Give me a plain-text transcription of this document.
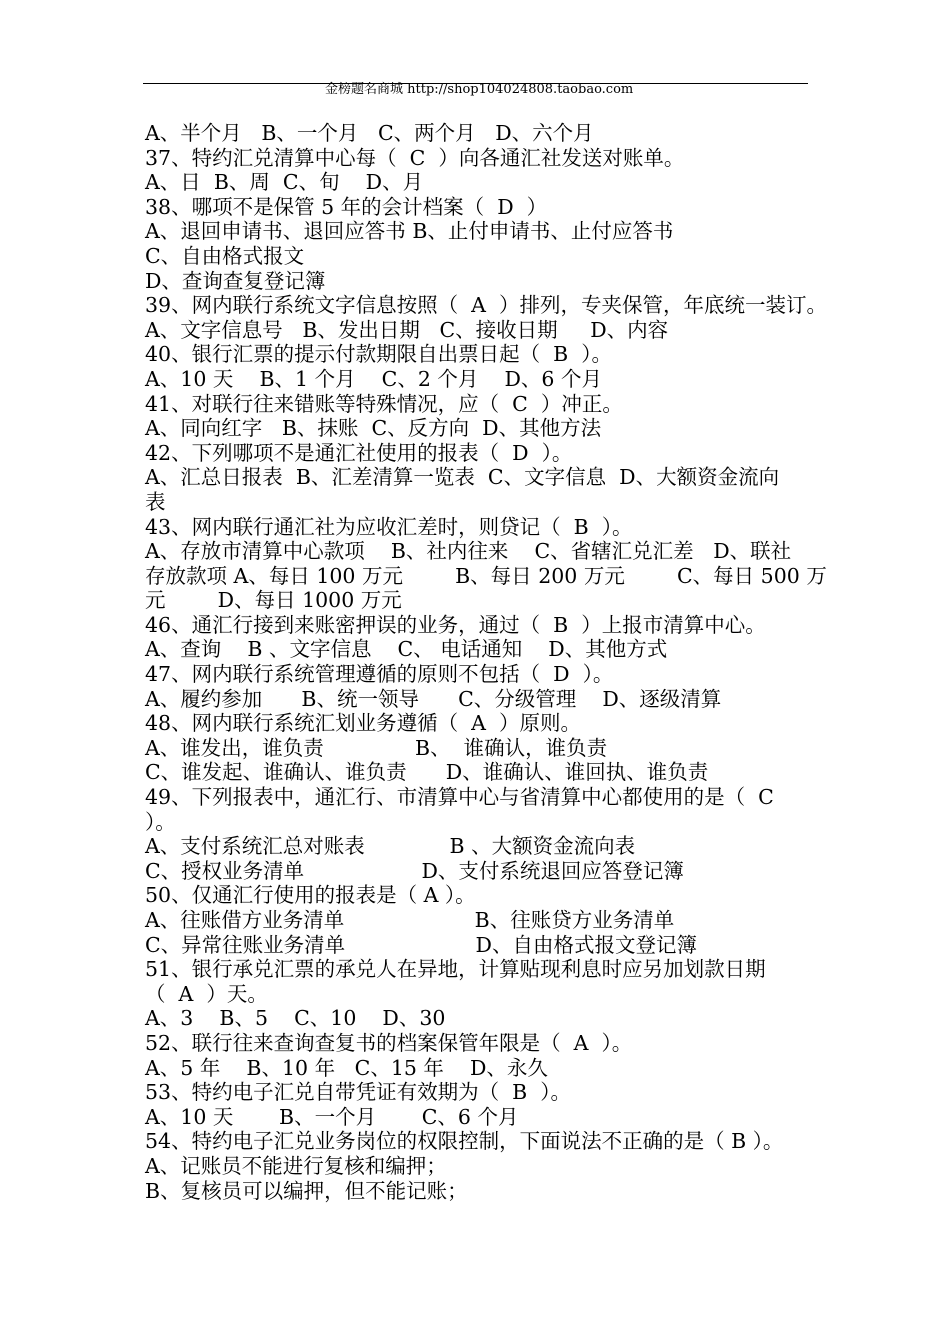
金榜题名商城 http://shop104024808.taobao.com

A、半个月   B、一个月   C、两个月   D、六个月
37、特约汇兑清算中心每（  C  ）向各通汇社发送对账单。
A、日  B、周  C、旬    D、月
38、哪项不是保管 5 年的会计档案（  D  ）
A、退回申请书、退回应答书 B、止付申请书、止付应答书
C、自由格式报文
D、查询查复登记簿
39、网内联行系统文字信息按照（  A  ）排列，专夹保管，年底统一装订。
A、文字信息号   B、发出日期   C、接收日期     D、内容
40、银行汇票的提示付款期限自出票日起（  B  ）。
A、10 天    B、1 个月    C、2 个月    D、6 个月
41、对联行往来错账等特殊情况，应（  C  ）冲正。
A、同向红字   B、抹账  C、反方向  D、其他方法
42、下列哪项不是通汇社使用的报表（  D  ）。
A、汇总日报表  B、汇差清算一览表  C、文字信息  D、大额资金流向
表
43、网内联行通汇社为应收汇差时，则贷记（  B  ）。
A、存放市清算中心款项    B、社内往来    C、省辖汇兑汇差   D、联社
存放款项 A、每日 100 万元        B、每日 200 万元        C、每日 500 万
元        D、每日 1000 万元
46、通汇行接到来账密押误的业务，通过（  B  ）上报市清算中心。
A、查询    B 、文字信息    C、 电话通知    D、其他方式
47、网内联行系统管理遵循的原则不包括（  D  ）。
A、履约参加      B、统一领导      C、分级管理    D、逐级清算
48、网内联行系统汇划业务遵循（  A  ）原则。
A、谁发出，谁负责              B、  谁确认，谁负责
C、谁发起、谁确认、谁负责      D、谁确认、谁回执、谁负责
49、下列报表中，通汇行、市清算中心与省清算中心都使用的是（  C
）。
A、支付系统汇总对账表             B 、大额资金流向表
C、授权业务清单                  D、支付系统退回应答登记簿
50、仅通汇行使用的报表是（ A ）。
A、往账借方业务清单                    B、往账贷方业务清单
C、异常往账业务清单                    D、自由格式报文登记簿
51、银行承兑汇票的承兑人在异地，计算贴现利息时应另加划款日期
（  A  ）天。
A、3    B、5    C、10    D、30
52、联行往来查询查复书的档案保管年限是（  A  ）。
A、5 年    B、10 年   C、15 年    D、永久
53、特约电子汇兑自带凭证有效期为（  B  ）。
A、10 天       B、一个月       C、6 个月
54、特约电子汇兑业务岗位的权限控制，下面说法不正确的是（ B ）。
A、记账员不能进行复核和编押；
B、复核员可以编押，但不能记账；
